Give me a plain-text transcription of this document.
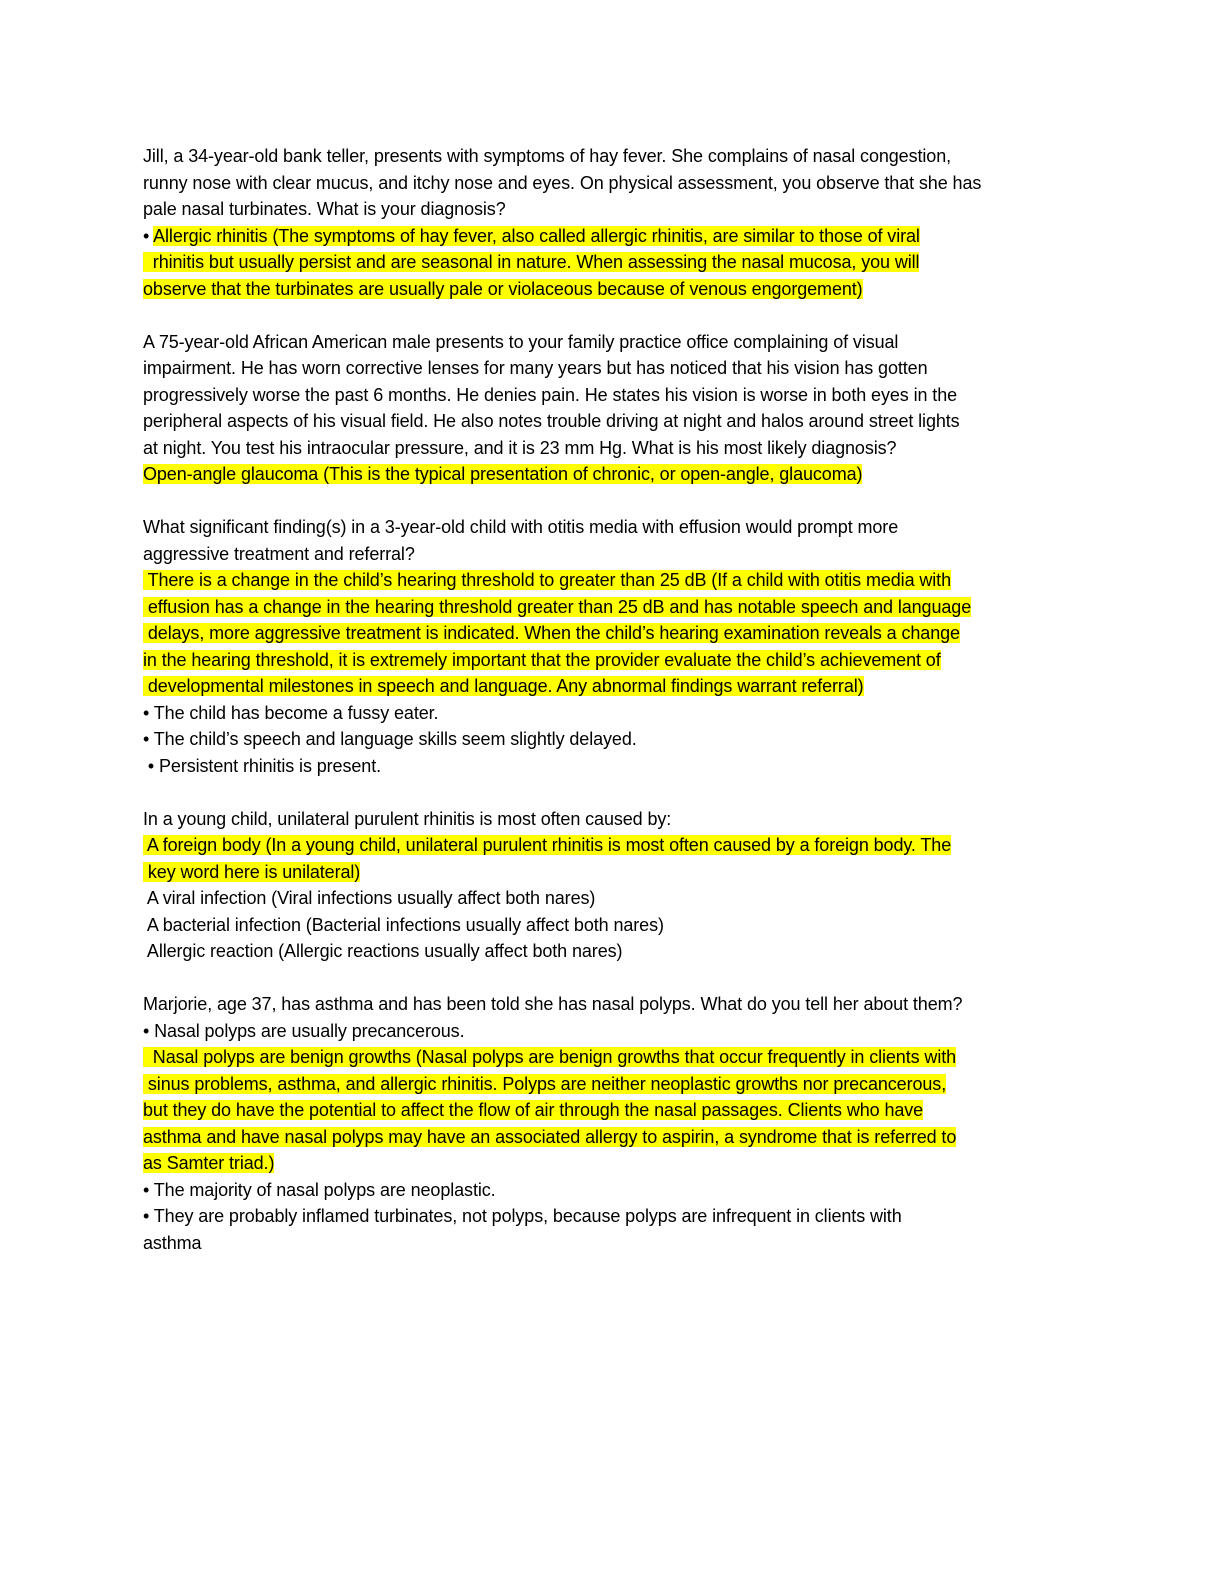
Jill, a 34-year-old bank teller, presents with symptoms of hay fever. She complains of nasal congestion,
runny nose with clear mucus, and itchy nose and eyes. On physical assessment, you observe that she has
pale nasal turbinates. What is your diagnosis?
• Allergic rhinitis (The symptoms of hay fever, also called allergic rhinitis, are similar to those of viral
rhinitis but usually persist and are seasonal in nature. When assessing the nasal mucosa, you will
observe that the turbinates are usually pale or violaceous because of venous engorgement)
A 75-year-old African American male presents to your family practice office complaining of visual
impairment. He has worn corrective lenses for many years but has noticed that his vision has gotten
progressively worse the past 6 months. He denies pain. He states his vision is worse in both eyes in the
peripheral aspects of his visual field. He also notes trouble driving at night and halos around street lights
at night. You test his intraocular pressure, and it is 23 mm Hg. What is his most likely diagnosis?
Open-angle glaucoma (This is the typical presentation of chronic, or open-angle, glaucoma)
What significant finding(s) in a 3-year-old child with otitis media with effusion would prompt more
aggressive treatment and referral?
There is a change in the child’s hearing threshold to greater than 25 dB (If a child with otitis media with
effusion has a change in the hearing threshold greater than 25 dB and has notable speech and language
delays, more aggressive treatment is indicated. When the child’s hearing examination reveals a change
in the hearing threshold, it is extremely important that the provider evaluate the child’s achievement of
developmental milestones in speech and language. Any abnormal findings warrant referral)
• The child has become a fussy eater.
• The child’s speech and language skills seem slightly delayed.
• Persistent rhinitis is present.
In a young child, unilateral purulent rhinitis is most often caused by:
A foreign body (In a young child, unilateral purulent rhinitis is most often caused by a foreign body. The
key word here is unilateral)
A viral infection (Viral infections usually affect both nares)
A bacterial infection (Bacterial infections usually affect both nares)
Allergic reaction (Allergic reactions usually affect both nares)
Marjorie, age 37, has asthma and has been told she has nasal polyps. What do you tell her about them?
• Nasal polyps are usually precancerous.
Nasal polyps are benign growths (Nasal polyps are benign growths that occur frequently in clients with
sinus problems, asthma, and allergic rhinitis. Polyps are neither neoplastic growths nor precancerous,
but they do have the potential to affect the flow of air through the nasal passages. Clients who have
asthma and have nasal polyps may have an associated allergy to aspirin, a syndrome that is referred to
as Samter triad.)
• The majority of nasal polyps are neoplastic.
• They are probably inflamed turbinates, not polyps, because polyps are infrequent in clients with
asthma
